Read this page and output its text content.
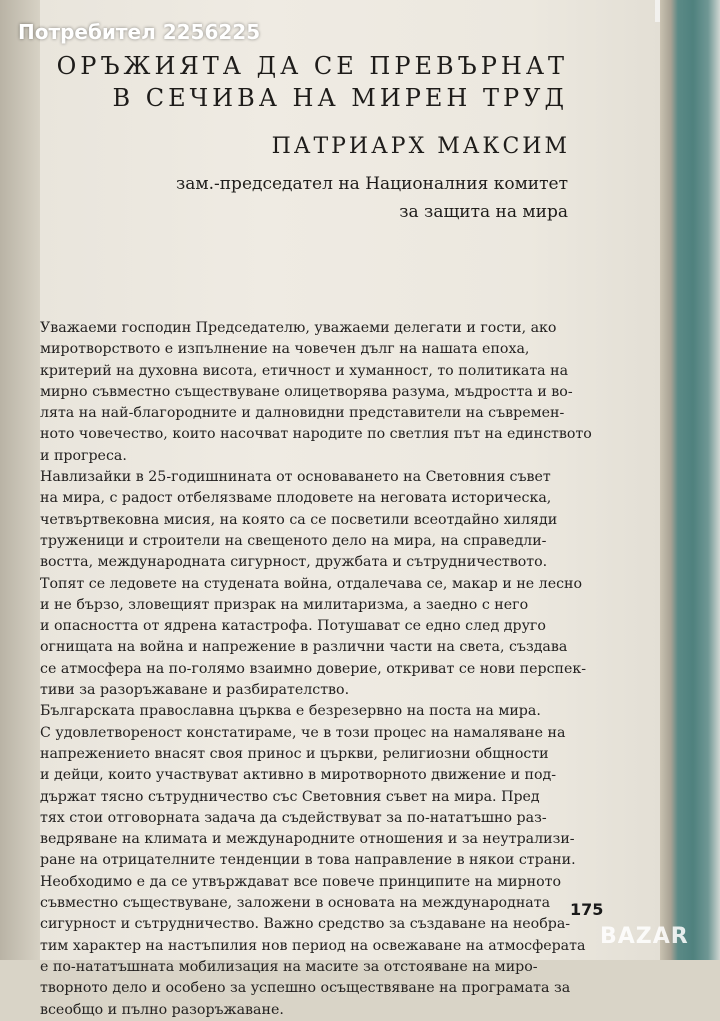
Потребител 2256225
ОРЪЖИЯТА ДА СЕ ПРЕВЪРНАТ
В СЕЧИВА НА МИРЕН ТРУД
ПАТРИАРХ МАКСИМ
зам.-председател на Националния комитет
за защита на мира
Уважаеми господин Председателю, уважаеми делегати и гости, ако
миротворството е изпълнение на човечен дълг на нашата епоха,
критерий на духовна висота, етичност и хуманност, то политиката на
мирно съвместно съществуване олицетворява разума, мъдростта и во-
лята на най-благородните и далновидни представители на съвремен-
ното човечество, които насочват народите по светлия път на единството
и прогреса.
Навлизайки в 25-годишнината от основаването на Световния съвет
на мира, с радост отбелязваме плодовете на неговата историческа,
четвъртвековна мисия, на която са се посветили всеотдайно хиляди
труженици и строители на свещеното дело на мира, на справедли-
востта, международната сигурност, дружбата и сътрудничеството.
Топят се ледовете на студената война, отдалечава се, макар и не лесно
и не бързо, зловещият призрак на милитаризма, а заедно с него
и опасността от ядрена катастрофа. Потушават се едно след друго
огнищата на война и напрежение в различни части на света, създава
се атмосфера на по-голямо взаимно доверие, откриват се нови перспек-
тиви за разоръжаване и разбирателство.
Българската православна църква е безрезервно на поста на мира.
С удовлетвореност констатираме, че в този процес на намаляване на
напрежението внасят своя принос и църкви, религиозни общности
и дейци, които участвуват активно в миротворното движение и под-
държат тясно сътрудничество със Световния съвет на мира. Пред
тях стои отговорната задача да съдействуват за по-нататъшно раз-
ведряване на климата и международните отношения и за неутрализи-
ране на отрицателните тенденции в това направление в някои страни.
Необходимо е да се утвърждават все повече принципите на мирното
съвместно съществуване, заложени в основата на международната
сигурност и сътрудничество. Важно средство за създаване на необра-
тим характер на настъпилия нов период на освежаване на атмосферата
е по-нататъшната мобилизация на масите за отстояване на миро-
творното дело и особено за успешно осъществяване на програмата за
всеобщо и пълно разоръжаване.
175
BAZAR
